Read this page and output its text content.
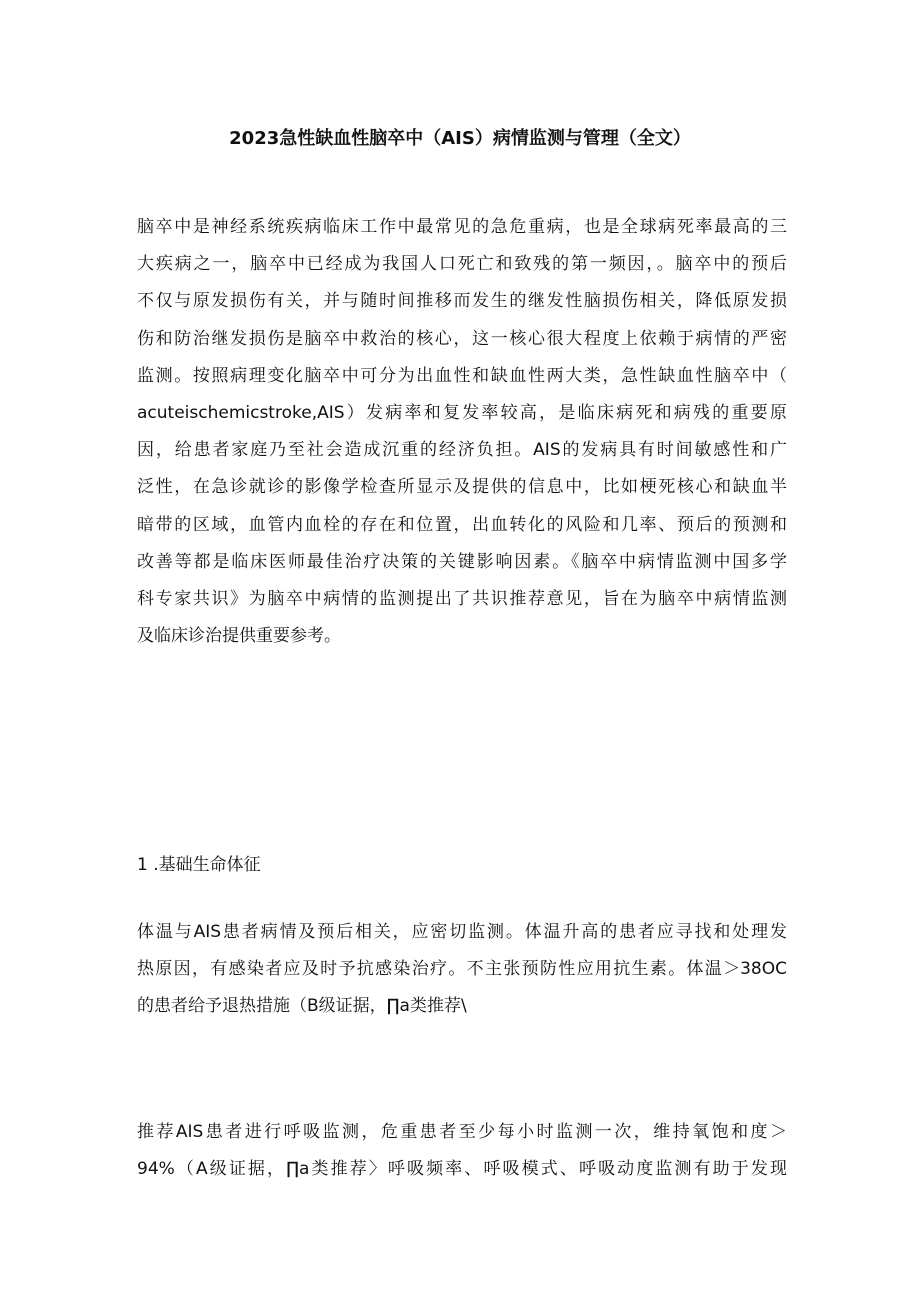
2023急性缺血性脑卒中（AIS）病情监测与管理（全文）

脑卒中是神经系统疾病临床工作中最常见的急危重病，也是全球病死率最高的三
大疾病之一，脑卒中已经成为我国人口死亡和致残的第一频因，。脑卒中的预后
不仅与原发损伤有关，并与随时间推移而发生的继发性脑损伤相关，降低原发损
伤和防治继发损伤是脑卒中救治的核心，这一核心很大程度上依赖于病情的严密
监测。按照病理变化脑卒中可分为出血性和缺血性两大类，急性缺血性脑卒中（
acuteischemicstroke,AIS）发病率和复发率较高，是临床病死和病残的重要原
因，给患者家庭乃至社会造成沉重的经济负担。AIS的发病具有时间敏感性和广
泛性，在急诊就诊的影像学检查所显示及提供的信息中，比如梗死核心和缺血半
暗带的区域，血管内血栓的存在和位置，出血转化的风险和几率、预后的预测和
改善等都是临床医师最佳治疗决策的关键影响因素。《脑卒中病情监测中国多学
科专家共识》为脑卒中病情的监测提出了共识推荐意见，旨在为脑卒中病情监测
及临床诊治提供重要参考。

1 .基础生命体征

体温与AIS患者病情及预后相关，应密切监测。体温升高的患者应寻找和处理发
热原因，有感染者应及时予抗感染治疗。不主张预防性应用抗生素。体温＞38OC
的患者给予退热措施（B级证据，∏a类推荐\

推荐AIS患者进行呼吸监测，危重患者至少每小时监测一次，维持氧饱和度＞
94%（A级证据，∏a类推荐〉呼吸频率、呼吸模式、呼吸动度监测有助于发现
